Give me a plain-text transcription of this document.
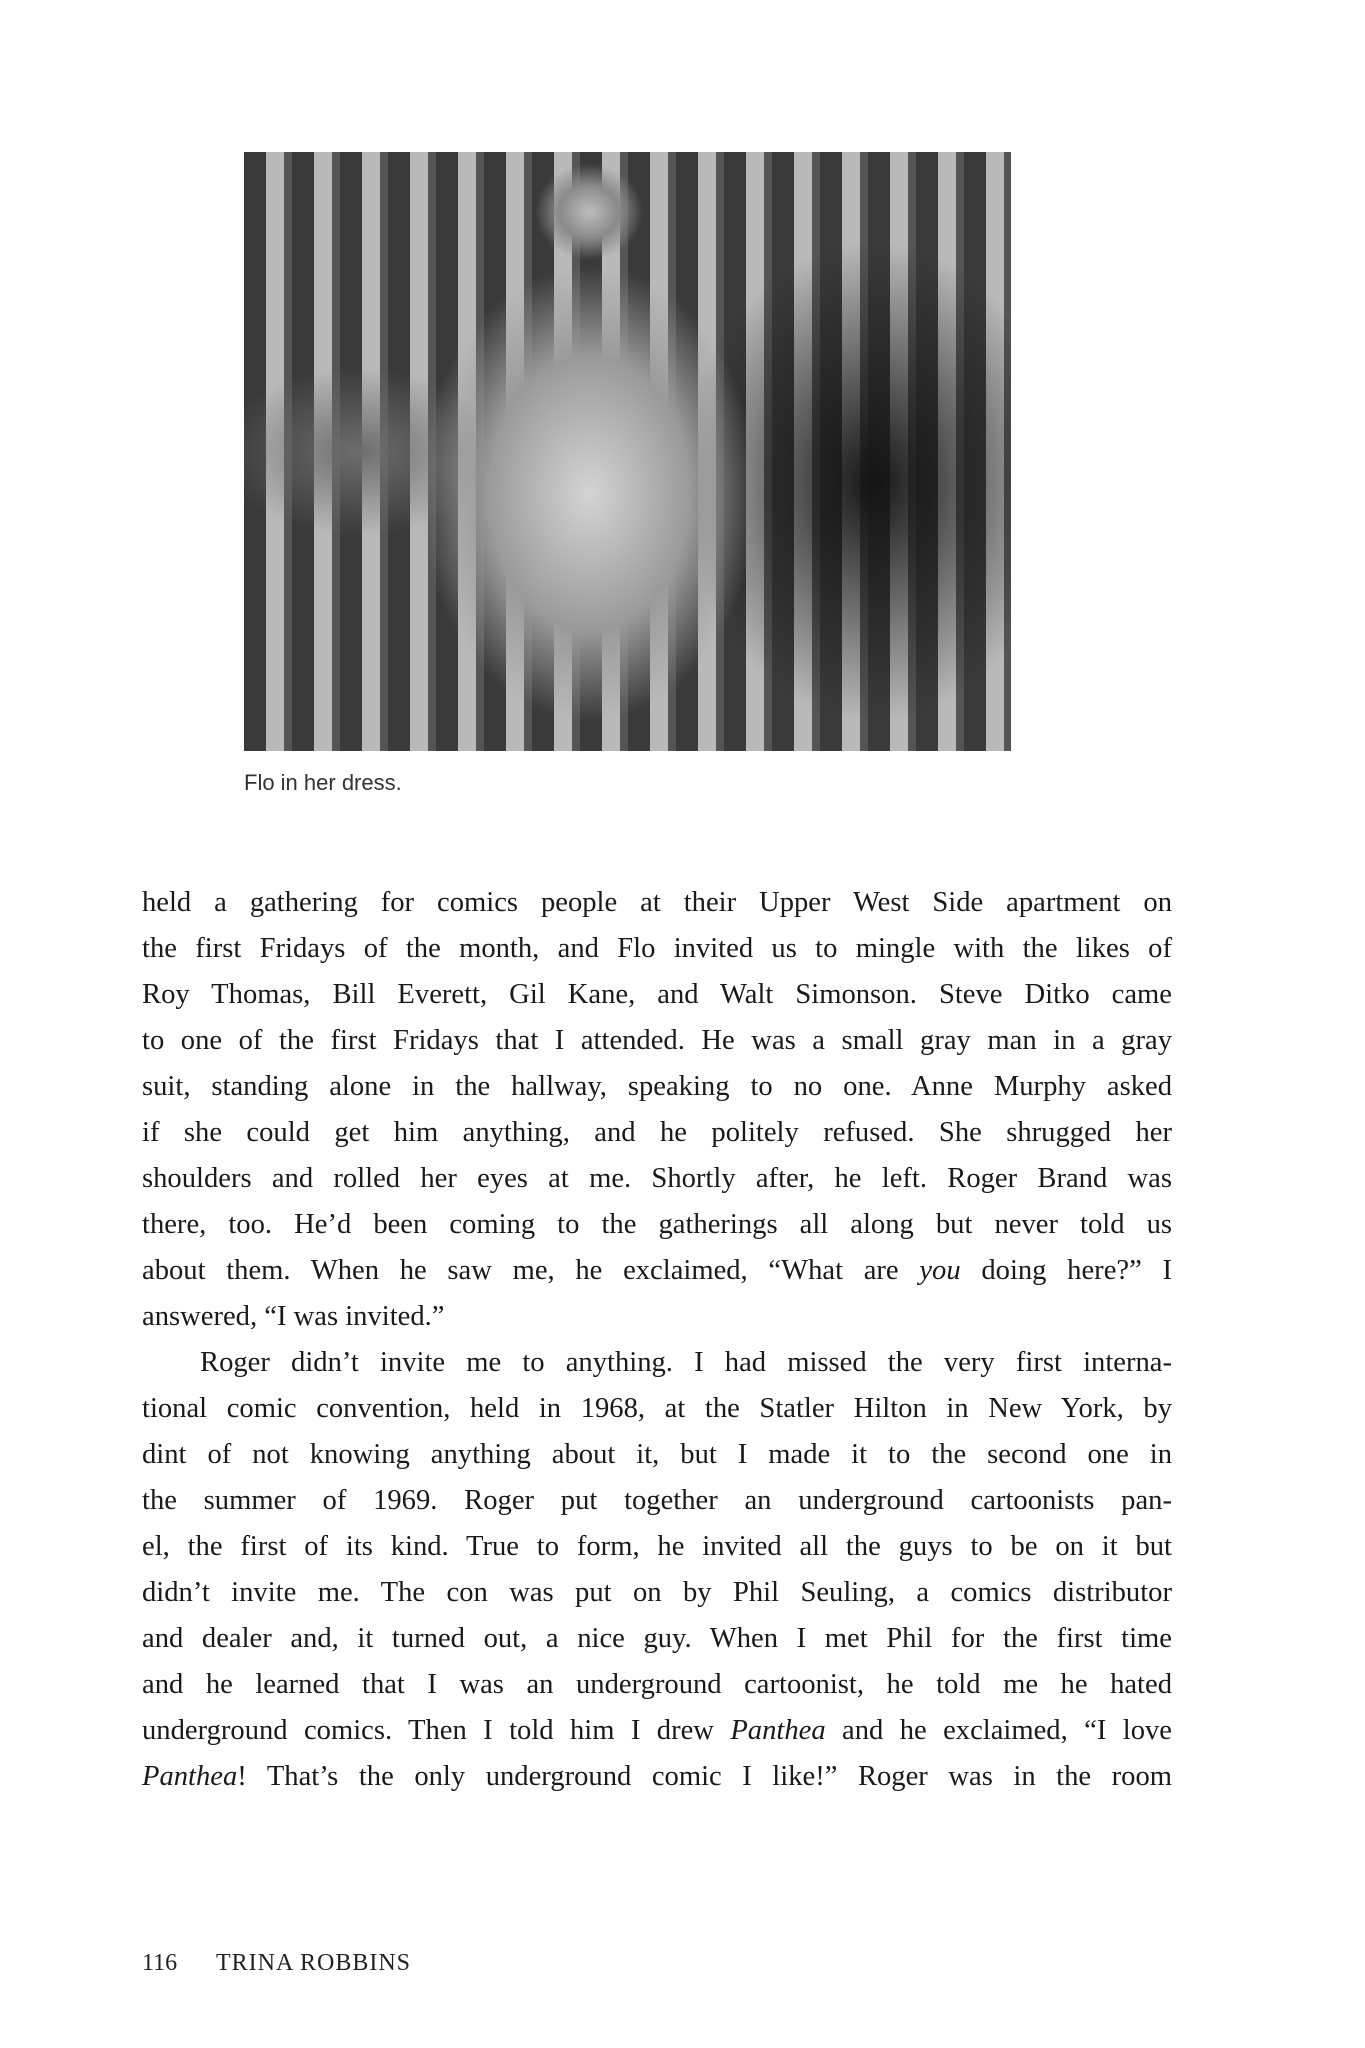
Flo in her dress.

held a gathering for comics people at their Upper West Side apartment on

the first Fridays of the month, and Flo invited us to mingle with the likes of

Roy Thomas, Bill Everett, Gil Kane, and Walt Simonson. Steve Ditko came

to one of the first Fridays that I attended. He was a small gray man in a gray

suit, standing alone in the hallway, speaking to no one. Anne Murphy asked

if she could get him anything, and he politely refused. She shrugged her

shoulders and rolled her eyes at me. Shortly after, he left. Roger Brand was

there, too. He’d been coming to the gatherings all along but never told us

about them. When he saw me, he exclaimed, “What are you doing here?” I

answered, “I was invited.”

Roger didn’t invite me to anything. I had missed the very first interna-

tional comic convention, held in 1968, at the Statler Hilton in New York, by

dint of not knowing anything about it, but I made it to the second one in

the summer of 1969. Roger put together an underground cartoonists pan-

el, the first of its kind. True to form, he invited all the guys to be on it but

didn’t invite me. The con was put on by Phil Seuling, a comics distributor

and dealer and, it turned out, a nice guy. When I met Phil for the first time

and he learned that I was an underground cartoonist, he told me he hated

underground comics. Then I told him I drew Panthea and he exclaimed, “I love

Panthea! That’s the only underground comic I like!” Roger was in the room

116 TRINA ROBBINS
